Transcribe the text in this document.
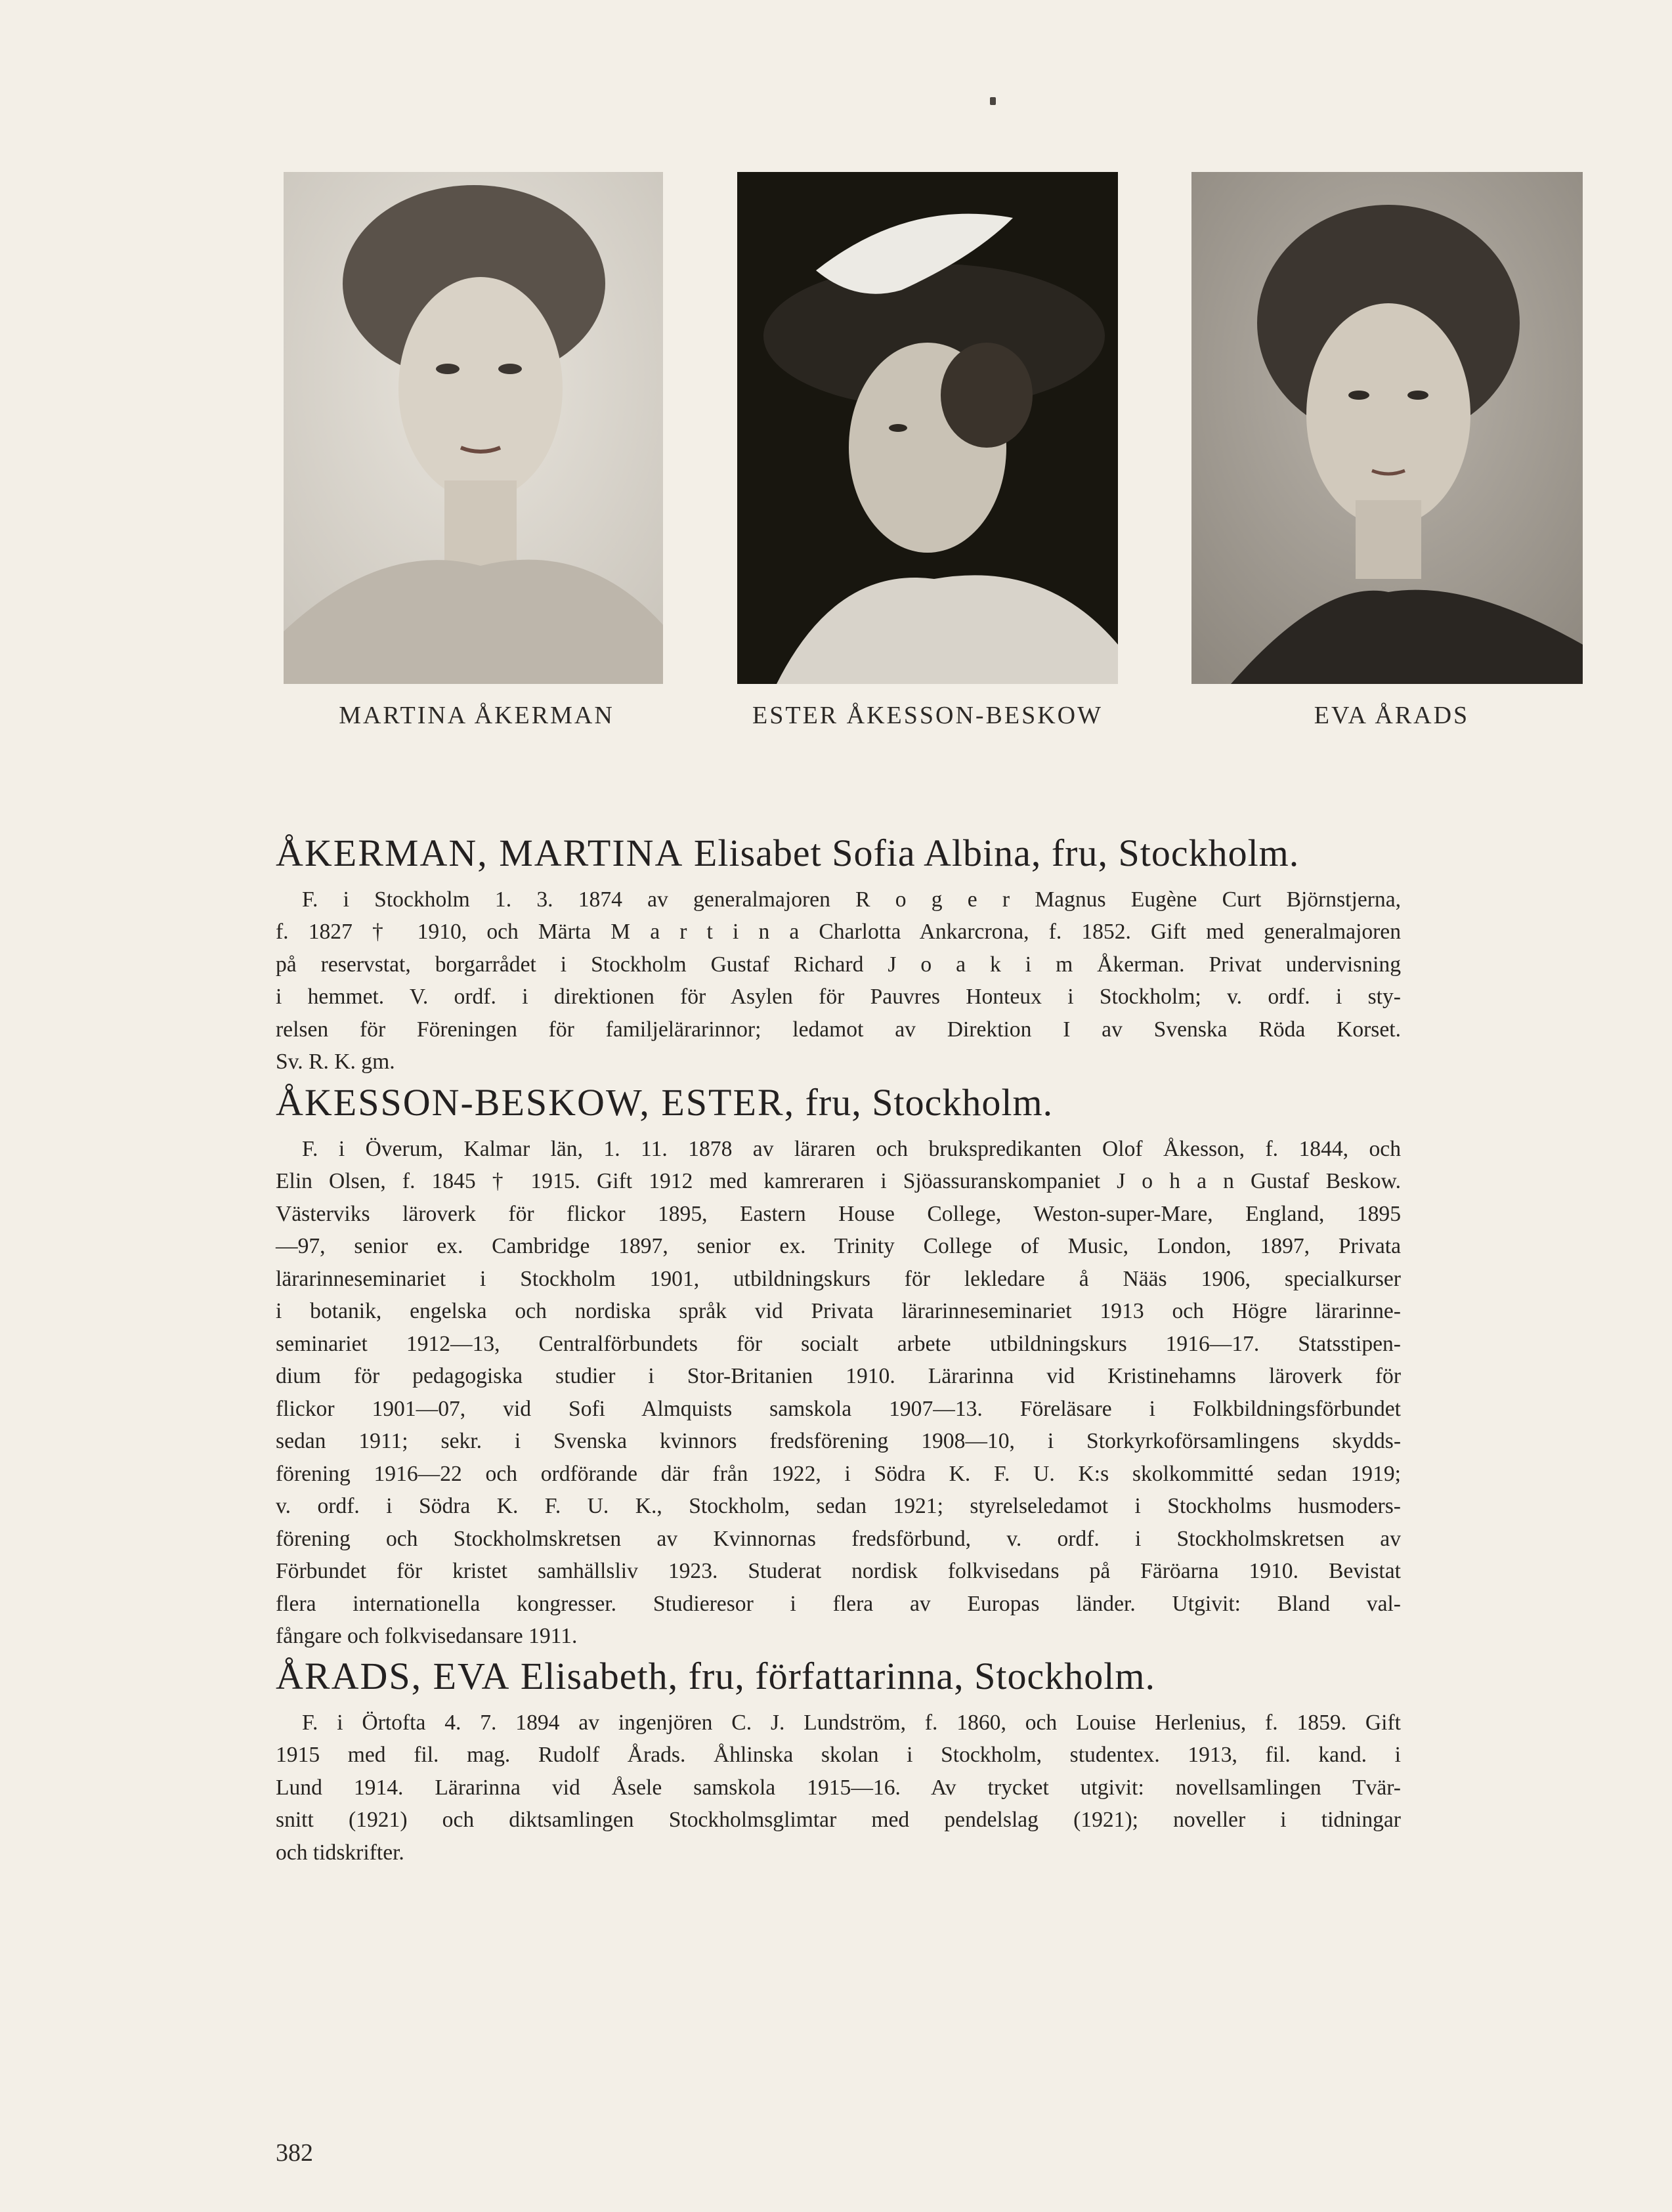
MARTINA ÅKERMAN	ESTER ÅKESSON-BESKOW	EVA ÅRADS
ÅKERMAN, MARTINA Elisabet Sofia Albina, fru, Stockholm.
F. i Stockholm 1. 3. 1874 av generalmajoren R o g e r Magnus Eugène Curt Björnstjerna,
f. 1827 † 1910, och Märta M a r t i n a Charlotta Ankarcrona, f. 1852. Gift med generalmajoren
på reservstat, borgarrådet i Stockholm Gustaf Richard J o a k i m Åkerman. Privat undervisning
i hemmet. V. ordf. i direktionen för Asylen för Pauvres Honteux i Stockholm; v. ordf. i sty-
relsen för Föreningen för familjelärarinnor; ledamot av Direktion I av Svenska Röda Korset.
Sv. R. K. gm.
ÅKESSON-BESKOW, ESTER, fru, Stockholm.
F. i Överum, Kalmar län, 1. 11. 1878 av läraren och brukspredikanten Olof Åkesson, f. 1844, och
Elin Olsen, f. 1845 † 1915. Gift 1912 med kamreraren i Sjöassuranskompaniet J o h a n Gustaf Beskow.
Västerviks läroverk för flickor 1895, Eastern House College, Weston-super-Mare, England, 1895
—97, senior ex. Cambridge 1897, senior ex. Trinity College of Music, London, 1897, Privata
lärarinneseminariet i Stockholm 1901, utbildningskurs för lekledare å Nääs 1906, specialkurser
i botanik, engelska och nordiska språk vid Privata lärarinneseminariet 1913 och Högre lärarinne-
seminariet 1912—13, Centralförbundets för socialt arbete utbildningskurs 1916—17. Statsstipen-
dium för pedagogiska studier i Stor-Britanien 1910. Lärarinna vid Kristinehamns läroverk för
flickor 1901—07, vid Sofi Almquists samskola 1907—13. Föreläsare i Folkbildningsförbundet
sedan 1911; sekr. i Svenska kvinnors fredsförening 1908—10, i Storkyrkoförsamlingens skydds-
förening 1916—22 och ordförande där från 1922, i Södra K. F. U. K:s skolkommitté sedan 1919;
v. ordf. i Södra K. F. U. K., Stockholm, sedan 1921; styrelseledamot i Stockholms husmoders-
förening och Stockholmskretsen av Kvinnornas fredsförbund, v. ordf. i Stockholmskretsen av
Förbundet för kristet samhällsliv 1923. Studerat nordisk folkvisedans på Färöarna 1910. Bevistat
flera internationella kongresser. Studieresor i flera av Europas länder. Utgivit: Bland val-
fångare och folkvisedansare 1911.
ÅRADS, EVA Elisabeth, fru, författarinna, Stockholm.
F. i Örtofta 4. 7. 1894 av ingenjören C. J. Lundström, f. 1860, och Louise Herlenius, f. 1859. Gift
1915 med fil. mag. Rudolf Årads. Åhlinska skolan i Stockholm, studentex. 1913, fil. kand. i
Lund 1914. Lärarinna vid Åsele samskola 1915—16. Av trycket utgivit: novellsamlingen Tvär-
snitt (1921) och diktsamlingen Stockholmsglimtar med pendelslag (1921); noveller i tidningar
och tidskrifter.
382
